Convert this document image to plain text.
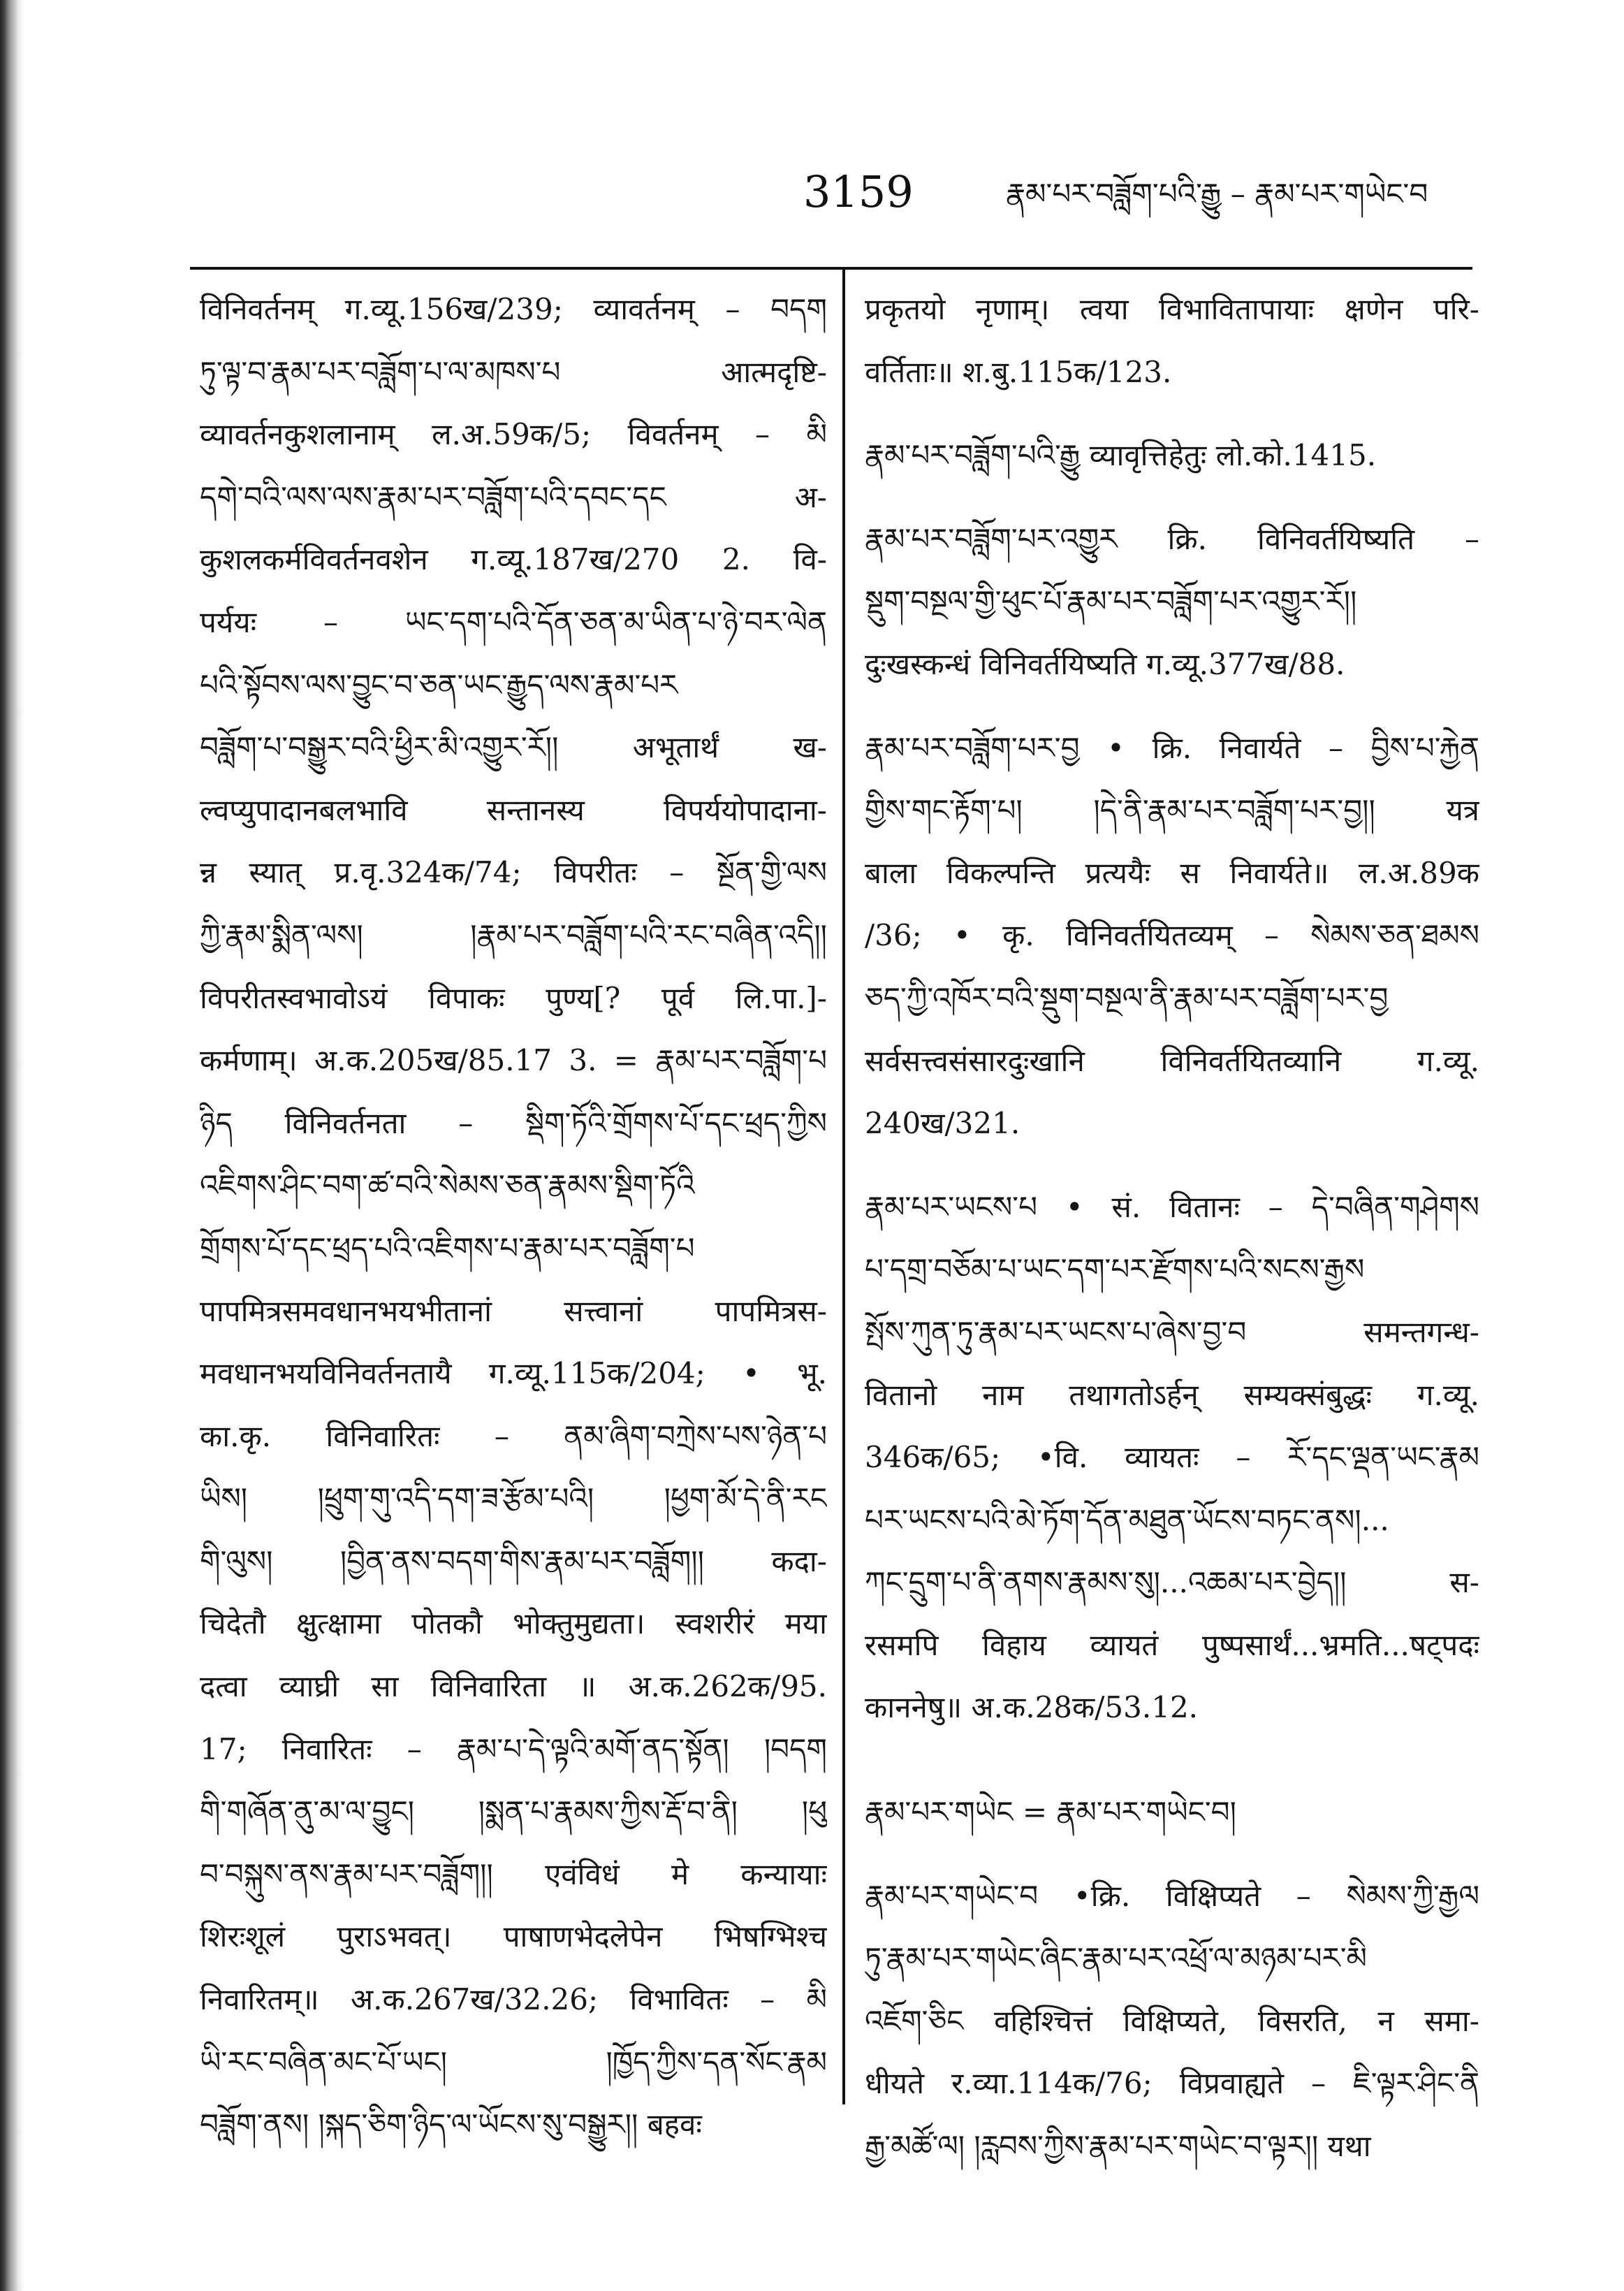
3159	རྣམ་པར་བཟློག་པའི་རྒྱུ – རྣམ་པར་གཡེང་བ
विनिवर्तनम् ग.व्यू.156ख/239; व्यावर्तनम् – བདག
ཏུ་ལྟ་བ་རྣམ་པར་བཟློག་པ་ལ་མཁས་པ आत्मदृष्टि-
व्यावर्तनकुशलानाम् ल.अ.59क/5; विवर्तनम् – མི
དགེ་བའི་ལས་ལས་རྣམ་པར་བཟློག་པའི་དབང་དང अ-
कुशलकर्मविवर्तनवशेन ग.व्यू.187ख/270 2. वि-
पर्ययः – ཡང་དག་པའི་དོན་ཅན་མ་ཡིན་པ་ཉེ་བར་ལེན
པའི་སྟོབས་ལས་བྱུང་བ་ཅན་ཡང་རྒྱུད་ལས་རྣམ་པར
བཟློག་པ་བསྒྱུར་བའི་ཕྱིར་མི་འགྱུར་རོ།། अभूतार्थं ख-
ल्वप्युपादानबलभावि सन्तानस्य विपर्ययोपादाना-
न्न स्यात् प्र.वृ.324क/74; विपरीतः – སྔོན་གྱི་ལས
ཀྱི་རྣམ་སྨིན་ལས། །རྣམ་པར་བཟློག་པའི་རང་བཞིན་འདི།།
विपरीतस्वभावोऽयं विपाकः पुण्य[? पूर्व लि.पा.]-
कर्मणाम्। अ.क.205ख/85.17 3. = རྣམ་པར་བཟློག་པ
ཉིད विनिवर्तनता – སྡིག་ཏོའི་གྲོགས་པོ་དང་ཕྲད་ཀྱིས
འཇིགས་ཤིང་བག་ཚ་བའི་སེམས་ཅན་རྣམས་སྡིག་ཏོའི
གྲོགས་པོ་དང་ཕྲད་པའི་འཇིགས་པ་རྣམ་པར་བཟློག་པ
पापमित्रसमवधानभयभीतानां सत्त्वानां पापमित्रस-
मवधानभयविनिवर्तनतायै ग.व्यू.115क/204; • भू.
का.कृ. विनिवारितः – ནམ་ཞིག་བཀྲེས་པས་ཉེན་པ
ཡིས། །ཕྲུག་གུ་འདི་དག་ཟ་རྩོམ་པའི། །ཕྱག་མོ་དེ་ནི་རང
གི་ལུས། །བྱིན་ནས་བདག་གིས་རྣམ་པར་བཟློག།། कदा-
चिदेतौ क्षुत्क्षामा पोतकौ भोक्तुमुद्यता। स्वशरीरं मया
दत्वा व्याघ्री सा विनिवारिता ॥ अ.क.262क/95.
17; निवारितः – རྣམ་པ་དེ་ལྟའི་མགོ་ནད་སྟོན། །བདག
གི་གཞོན་ནུ་མ་ལ་བྱུང། །སྨན་པ་རྣམས་ཀྱིས་རྡོ་བ་ནི། །ཕུ
བ་བསྐུས་ནས་རྣམ་པར་བཟློག།། एवंविधं मे कन्यायाः
शिरःशूलं पुराऽभवत्। पाषाणभेदलेपेन भिषग्भिश्च
निवारितम्॥ अ.क.267ख/32.26; विभावितः – མི
ཡི་རང་བཞིན་མང་པོ་ཡང། །ཁྱོད་ཀྱིས་དན་སོང་རྣམ
བཟློག་ནས། །སྐད་ཅིག་ཉིད་ལ་ཡོངས་སུ་བསྒྱུར།། बहवः
प्रकृतयो नृणाम्। त्वया विभावितापायाः क्षणेन परि-
वर्तिताः॥ श.बु.115क/123.
རྣམ་པར་བཟློག་པའི་རྒྱུ व्यावृत्तिहेतुः लो.को.1415.
རྣམ་པར་བཟློག་པར་འགྱུར क्रि. विनिवर्तयिष्यति –
སྡུག་བསྔལ་གྱི་ཕུང་པོ་རྣམ་པར་བཟློག་པར་འགྱུར་རོ།།
दुःखस्कन्धं विनिवर्तयिष्यति ग.व्यू.377ख/88.
རྣམ་པར་བཟློག་པར་བྱ • क्रि. निवार्यते – བྱིས་པ་རྐྱེན
གྱིས་གང་རྟོག་པ། །དེ་ནི་རྣམ་པར་བཟློག་པར་བྱ།། यत्र
बाला विकल्पन्ति प्रत्ययैः स निवार्यते॥ ल.अ.89क
/36; • कृ. विनिवर्तयितव्यम् – སེམས་ཅན་ཐམས
ཅད་ཀྱི་འཁོར་བའི་སྡུག་བསྔལ་ནི་རྣམ་པར་བཟློག་པར་བྱ
सर्वसत्त्वसंसारदुःखानि विनिवर्तयितव्यानि ग.व्यू.
240ख/321.
རྣམ་པར་ཡངས་པ • सं. वितानः – དེ་བཞིན་གཤེགས
པ་དགྲ་བཅོམ་པ་ཡང་དག་པར་རྫོགས་པའི་སངས་རྒྱས
སྤོས་ཀུན་ཏུ་རྣམ་པར་ཡངས་པ་ཞེས་བྱ་བ समन्तगन्ध-
वितानो नाम तथागतोऽर्हन् सम्यक्संबुद्धः ग.व्यू.
346क/65; •वि. व्यायतः – རོ་དང་ལྡན་ཡང་རྣམ
པར་ཡངས་པའི་མེ་ཏོག་དོན་མཐུན་ཡོངས་བཏང་ནས།...
ཀང་དྲུག་པ་ནི་ནགས་རྣམས་སུ།...འཆམ་པར་བྱེད།། स-
रसमपि विहाय व्यायतं पुष्पसार्थं...भ्रमति...षट्पदः
काननेषु॥ अ.क.28क/53.12.
རྣམ་པར་གཡེང = རྣམ་པར་གཡེང་བ།
རྣམ་པར་གཡེང་བ •क्रि. विक्षिप्यते – སེམས་ཀྱི་རྒྱལ
ཏུ་རྣམ་པར་གཡེང་ཞིང་རྣམ་པར་འཕྲོ་ལ་མཉམ་པར་མི
འཇོག་ཅིང वहिश्चित्तं विक्षिप्यते, विसरति, न समा-
धीयते र.व्या.114क/76; विप्रवाह्यते – ཇི་ལྟར་ཤིང་ནི
རྒྱ་མཚོ་ལ། །རླབས་ཀྱིས་རྣམ་པར་གཡེང་བ་ལྟར།། यथा
